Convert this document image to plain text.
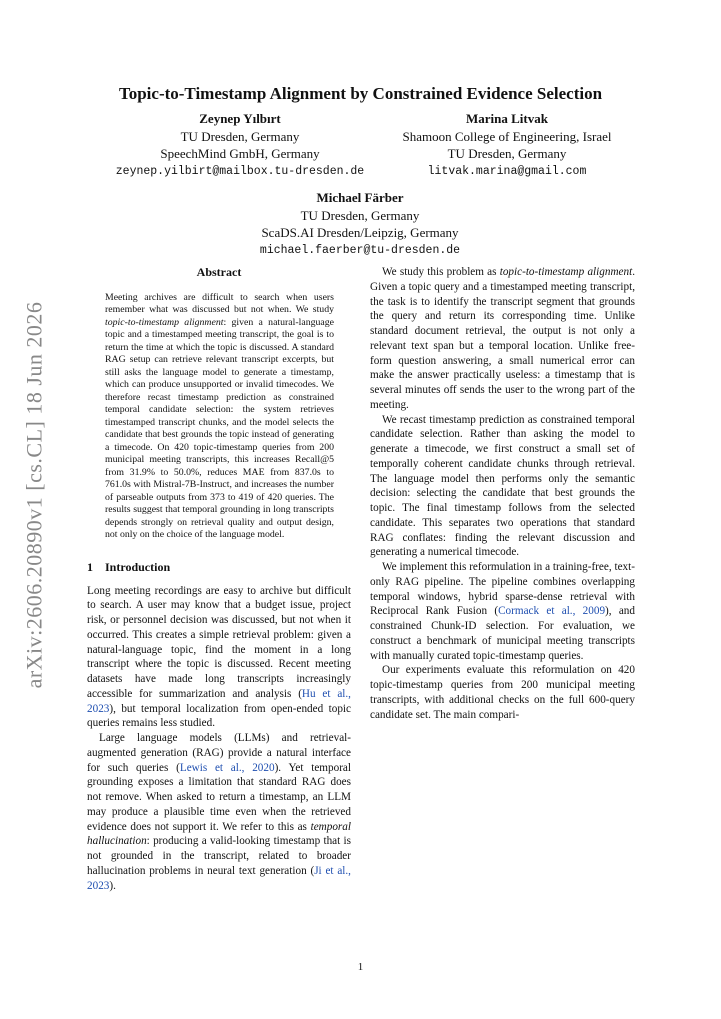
arXiv:2606.20890v1 [cs.CL] 18 Jun 2026
Topic-to-Timestamp Alignment by Constrained Evidence Selection
Zeynep Yılbırt
TU Dresden, Germany
SpeechMind GmbH, Germany
zeynep.yilbirt@mailbox.tu-dresden.de
Marina Litvak
Shamoon College of Engineering, Israel
TU Dresden, Germany
litvak.marina@gmail.com
Michael Färber
TU Dresden, Germany
ScaDS.AI Dresden/Leipzig, Germany
michael.faerber@tu-dresden.de
Abstract

Meeting archives are difficult to search when users remember what was discussed but not when. We study topic-to-timestamp alignment: given a natural-language topic and a timestamped meeting transcript, the goal is to return the time at which the topic is discussed. A standard RAG setup can retrieve relevant transcript excerpts, but still asks the language model to generate a timestamp, which can produce unsupported or invalid timecodes. We therefore recast timestamp prediction as constrained temporal candidate selection: the system retrieves timestamped transcript chunks, and the model selects the candidate that best grounds the topic instead of generating a timecode. On 420 topic-timestamp queries from 200 municipal meeting transcripts, this increases Recall@5 from 31.9% to 50.0%, reduces MAE from 837.0s to 761.0s with Mistral-7B-Instruct, and increases the number of parseable outputs from 373 to 419 of 420 queries. The results suggest that temporal grounding in long transcripts depends strongly on retrieval quality and output design, not only on the choice of the language model.

1 Introduction

Long meeting recordings are easy to archive but difficult to search. A user may know that a budget issue, project risk, or personnel decision was discussed, but not when it occurred. This creates a simple retrieval problem: given a natural-language topic, find the moment in a long transcript where the topic is discussed. Recent meeting datasets have made long transcripts increasingly accessible for summarization and analysis (Hu et al., 2023), but temporal localization from open-ended topic queries remains less studied.

Large language models (LLMs) and retrieval-augmented generation (RAG) provide a natural interface for such queries (Lewis et al., 2020). Yet temporal grounding exposes a limitation that standard RAG does not remove. When asked to return a timestamp, an LLM may produce a plausible time even when the retrieved evidence does not support it. We refer to this as temporal hallucination: producing a valid-looking timestamp that is not grounded in the transcript, related to broader hallucination problems in neural text generation (Ji et al., 2023).

We study this problem as topic-to-timestamp alignment. Given a topic query and a timestamped meeting transcript, the task is to identify the transcript segment that grounds the query and return its corresponding time. Unlike standard document retrieval, the output is not only a relevant text span but a temporal location. Unlike free-form question answering, a small numerical error can make the answer practically useless: a timestamp that is several minutes off sends the user to the wrong part of the meeting.

We recast timestamp prediction as constrained temporal candidate selection. Rather than asking the model to generate a timecode, we first construct a small set of temporally coherent candidate chunks through retrieval. The language model then performs only the semantic decision: selecting the candidate that best grounds the topic. The final timestamp follows from the selected candidate. This separates two operations that standard RAG conflates: finding the relevant discussion and generating a numerical timecode.

We implement this reformulation in a training-free, text-only RAG pipeline. The pipeline combines overlapping temporal windows, hybrid sparse-dense retrieval with Reciprocal Rank Fusion (Cormack et al., 2009), and constrained Chunk-ID selection. For evaluation, we construct a benchmark of municipal meeting transcripts with manually curated topic-timestamp queries.

Our experiments evaluate this reformulation on 420 topic-timestamp queries from 200 municipal meeting transcripts, with additional checks on the full 600-query candidate set. The main compari-

1
